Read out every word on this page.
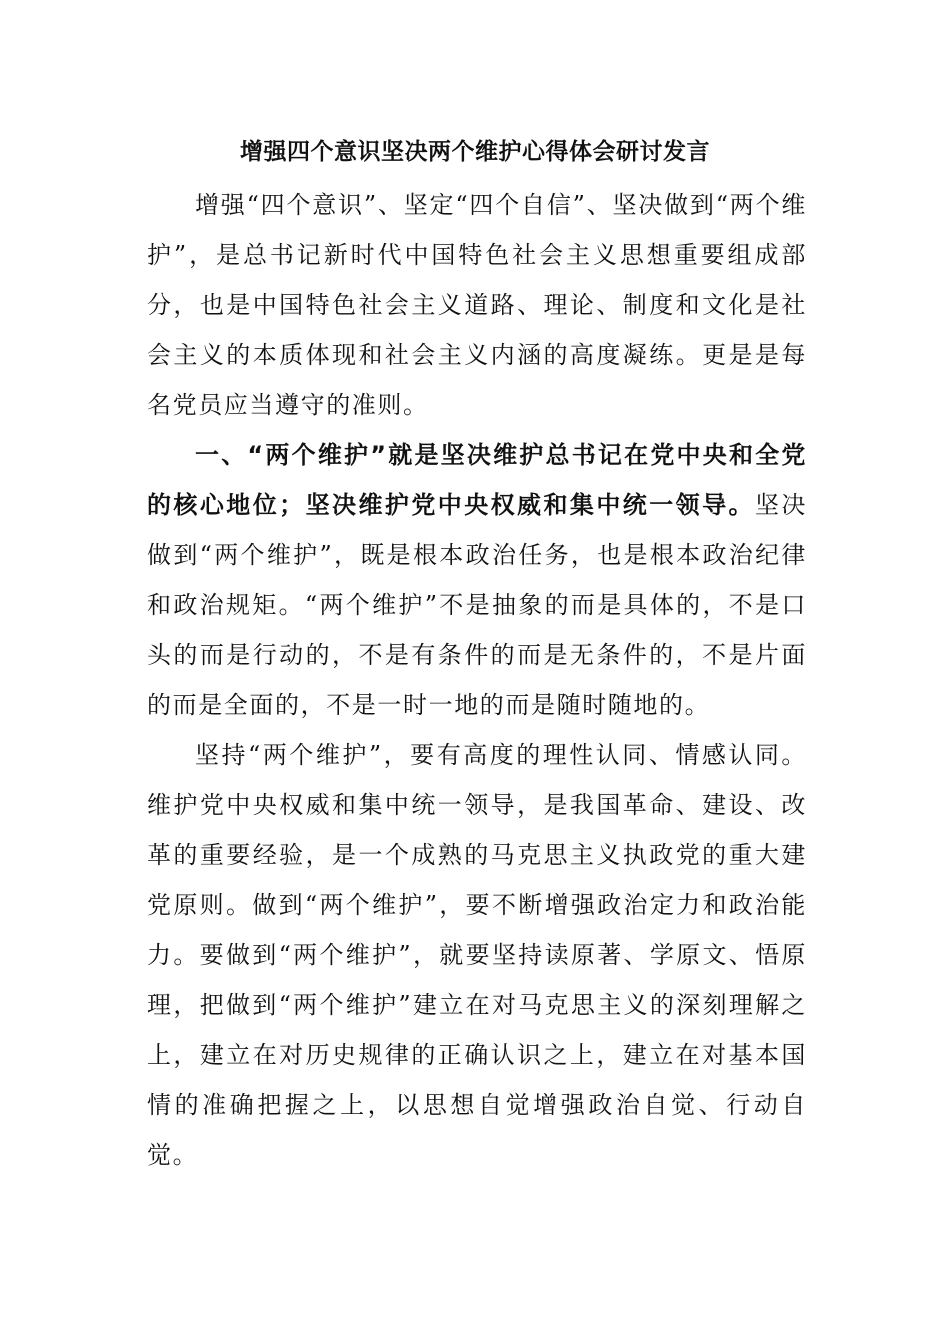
增强四个意识坚决两个维护心得体会研讨发言

增强“四个意识”、坚定“四个自信”、坚决做到“两个维护”，是总书记新时代中国特色社会主义思想重要组成部分，也是中国特色社会主义道路、理论、制度和文化是社会主义的本质体现和社会主义内涵的高度凝练。更是是每名党员应当遵守的准则。

一、“两个维护”就是坚决维护总书记在党中央和全党的核心地位；坚决维护党中央权威和集中统一领导。坚决做到“两个维护”，既是根本政治任务，也是根本政治纪律和政治规矩。“两个维护”不是抽象的而是具体的，不是口头的而是行动的，不是有条件的而是无条件的，不是片面的而是全面的，不是一时一地的而是随时随地的。

坚持“两个维护”，要有高度的理性认同、情感认同。维护党中央权威和集中统一领导，是我国革命、建设、改革的重要经验，是一个成熟的马克思主义执政党的重大建党原则。做到“两个维护”，要不断增强政治定力和政治能力。要做到“两个维护”，就要坚持读原著、学原文、悟原理，把做到“两个维护”建立在对马克思主义的深刻理解之上，建立在对历史规律的正确认识之上，建立在对基本国情的准确把握之上，以思想自觉增强政治自觉、行动自觉。
